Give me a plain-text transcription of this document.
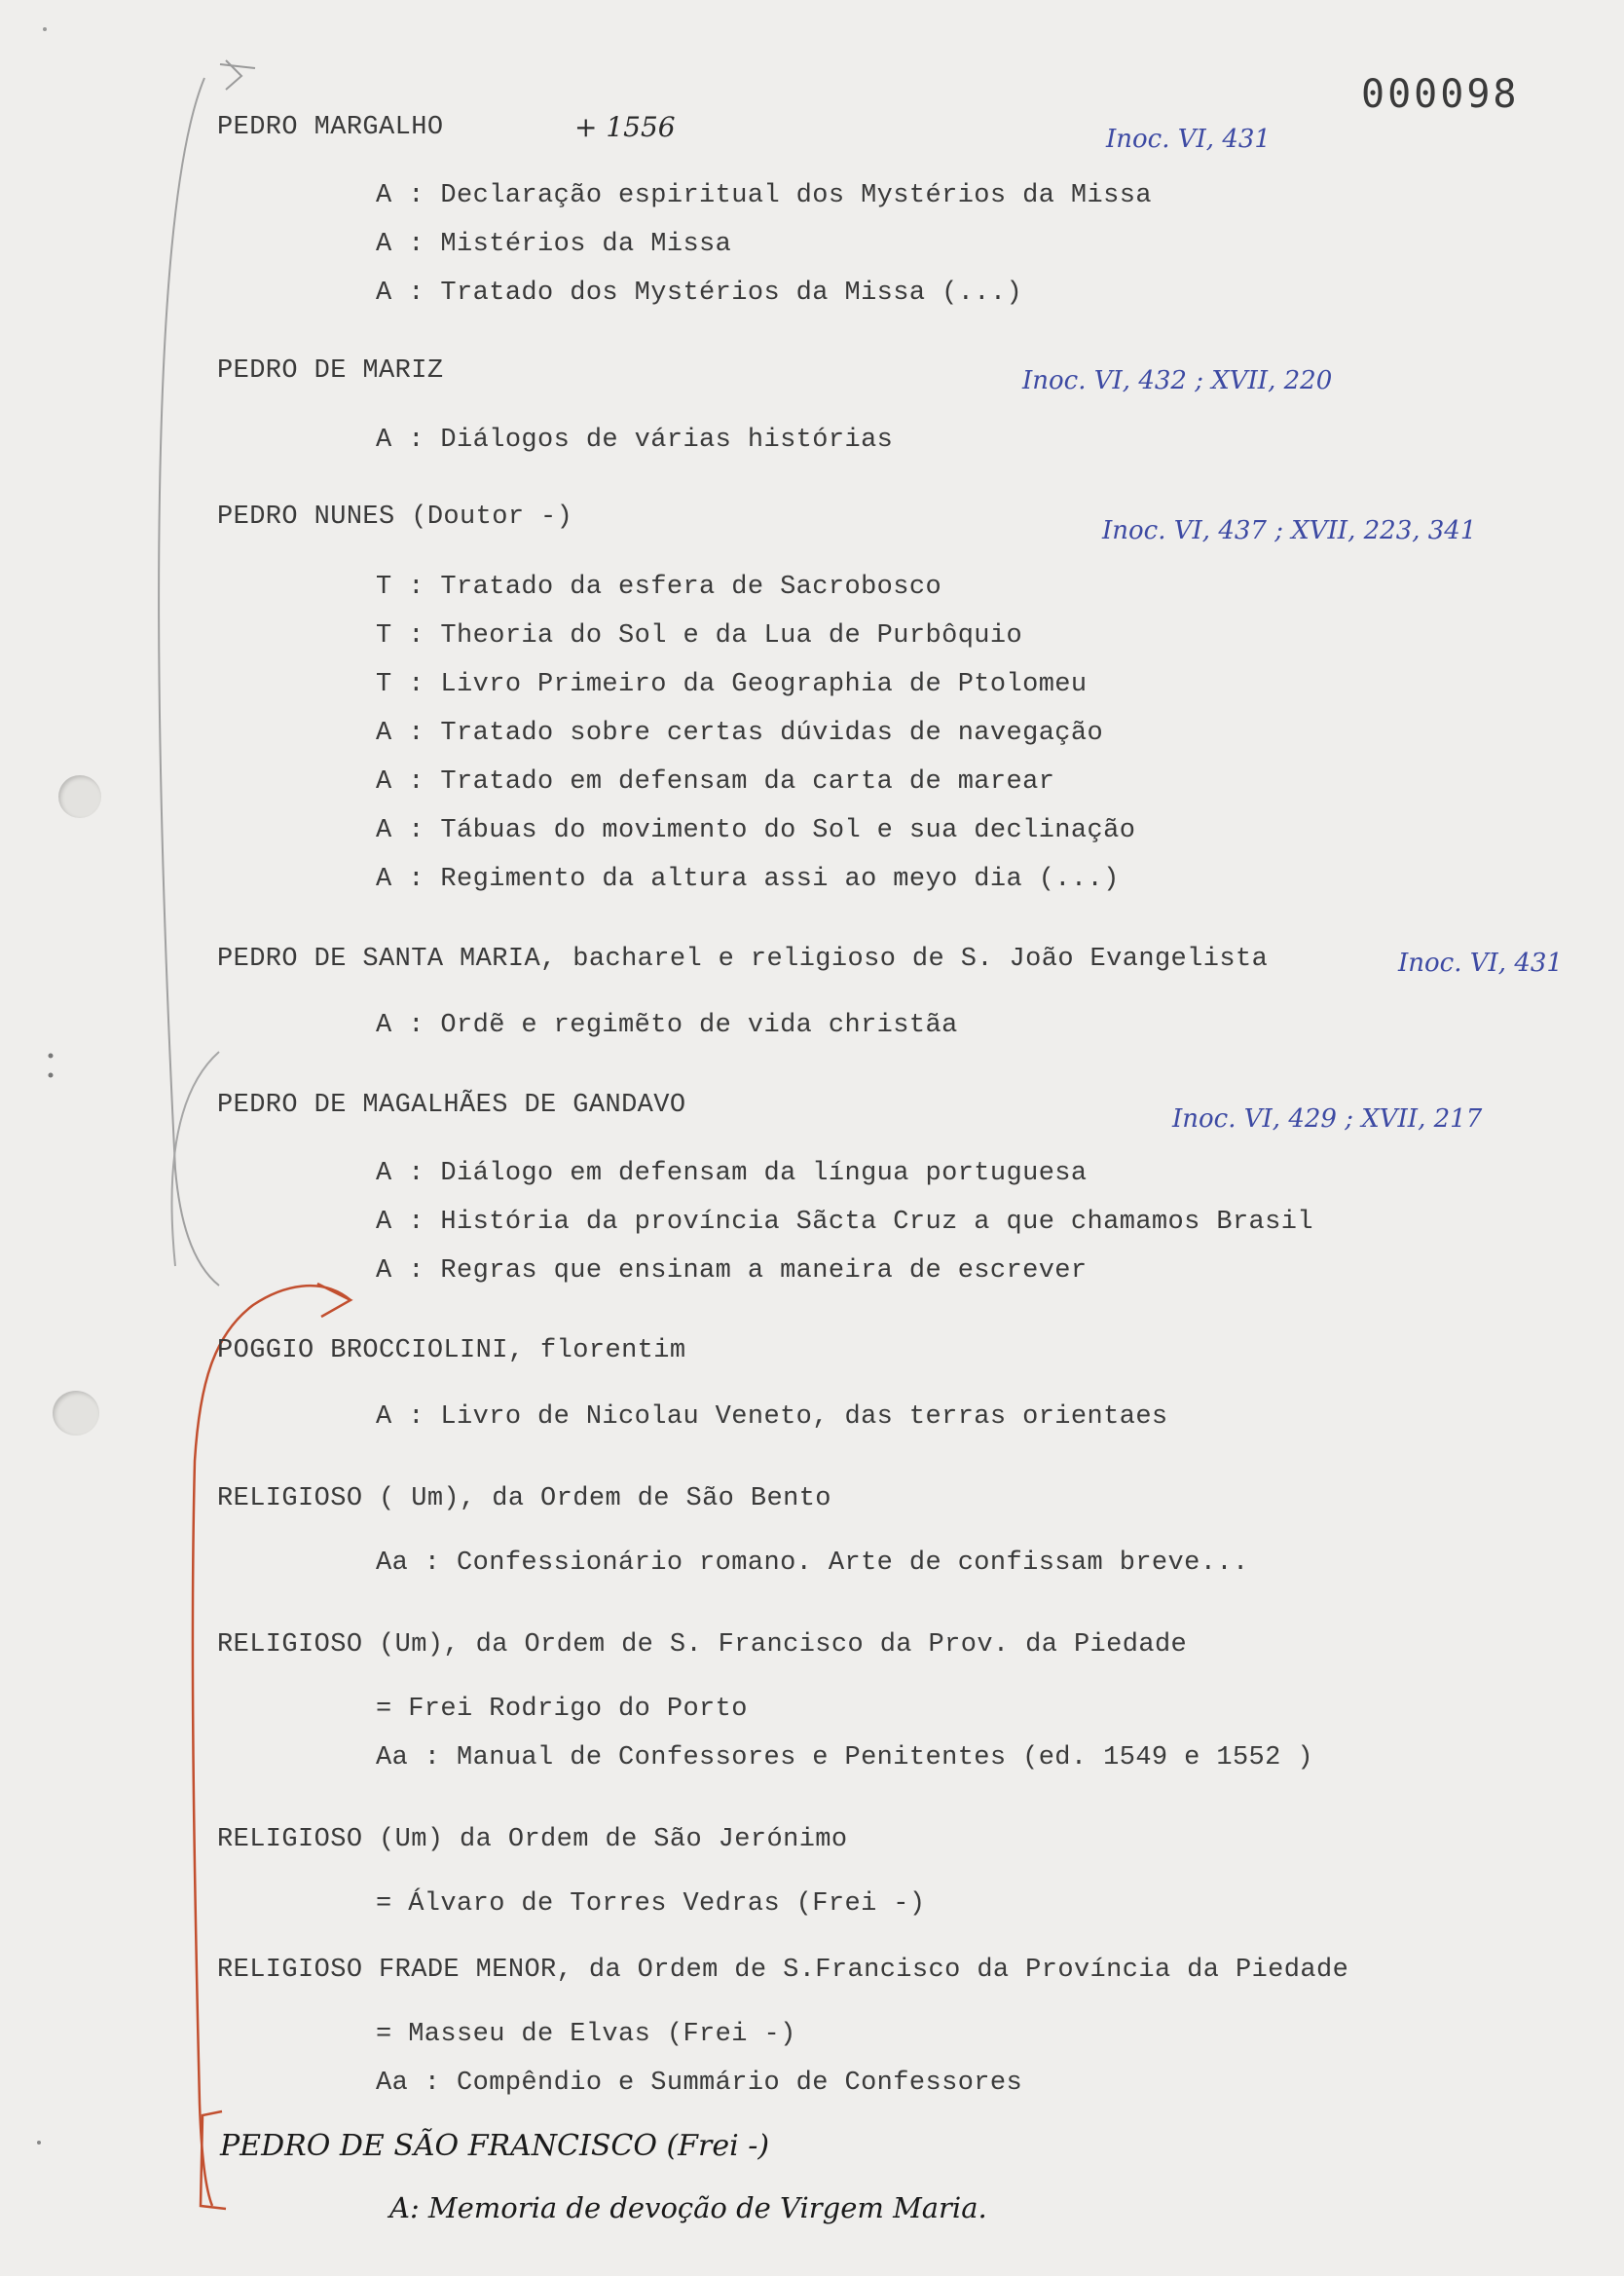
000098
+ 1556
PEDRO MARGALHO	Inoc. VI, 431
A : Declaração espiritual dos Mystérios da Missa
A : Mistérios da Missa
A : Tratado dos Mystérios da Missa (...)
PEDRO DE MARIZ	Inoc. VI, 432 ; XVII, 220
A : Diálogos de várias histórias
PEDRO NUNES (Doutor -)	Inoc. VI, 437 ; XVII, 223, 341
T : Tratado da esfera de Sacrobosco
T : Theoria do Sol e da Lua de Purbôquio
T : Livro Primeiro da Geographia de Ptolomeu
A : Tratado sobre certas dúvidas de navegação
A : Tratado em defensam da carta de marear
A : Tábuas do movimento do Sol e sua declinação
A : Regimento da altura assi ao meyo dia (...)
PEDRO DE SANTA MARIA, bacharel e religioso de S. João Evangelista	Inoc. VI, 431
A : Ordẽ e regimẽto de vida christãa
PEDRO DE MAGALHÃES DE GANDAVO	Inoc. VI, 429 ; XVII, 217
A : Diálogo em defensam da língua portuguesa
A : História da província Sãcta Cruz a que chamamos Brasil
A : Regras que ensinam a maneira de escrever
POGGIO BROCCIOLINI, florentim
A : Livro de Nicolau Veneto, das terras orientaes
RELIGIOSO ( Um), da Ordem de São Bento
Aa : Confessionário romano. Arte de confissam breve...
RELIGIOSO (Um), da Ordem de S. Francisco da Prov. da Piedade
= Frei Rodrigo do Porto
Aa : Manual de Confessores e Penitentes (ed. 1549 e 1552 )
RELIGIOSO (Um) da Ordem de São Jerónimo
= Álvaro de Torres Vedras (Frei -)
RELIGIOSO FRADE MENOR, da Ordem de S.Francisco da Província da Piedade
= Masseu de Elvas (Frei -)
Aa : Compêndio e Summário de Confessores
PEDRO DE SÃO FRANCISCO (Frei -)
A: Memoria de devoção de Virgem Maria.
